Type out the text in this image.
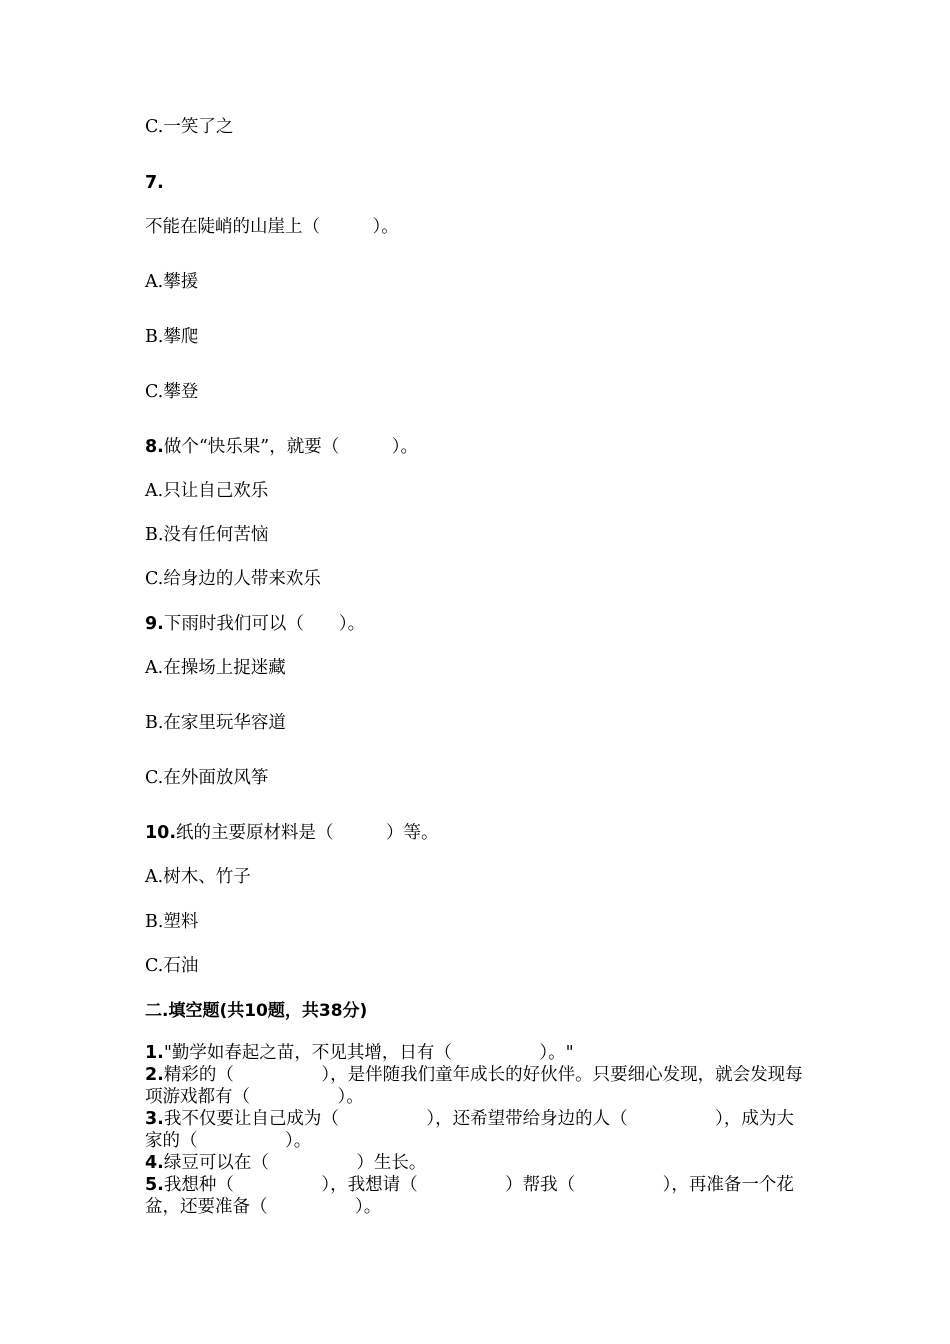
C.一笑了之
7.
不能在陡峭的山崖上（　　　）。
A.攀援
B.攀爬
C.攀登
8.做个“快乐果”，就要（　　　）。
A.只让自己欢乐
B.没有任何苦恼
C.给身边的人带来欢乐
9.下雨时我们可以（　　）。
A.在操场上捉迷藏
B.在家里玩华容道
C.在外面放风筝
10.纸的主要原材料是（　　　）等。
A.树木、竹子
B.塑料
C.石油
二.填空题(共10题，共38分)
1."勤学如春起之苗，不见其增，日有（　　　　　）。"
2.精彩的（　　　　　），是伴随我们童年成长的好伙伴。只要细心发现，就会发现每项游戏都有（　　　　　）。
3.我不仅要让自己成为（　　　　　），还希望带给身边的人（　　　　　），成为大家的（　　　　　）。
4.绿豆可以在（　　　　　）生长。
5.我想种（　　　　　），我想请（　　　　　）帮我（　　　　　），再准备一个花盆，还要准备（　　　　　）。
